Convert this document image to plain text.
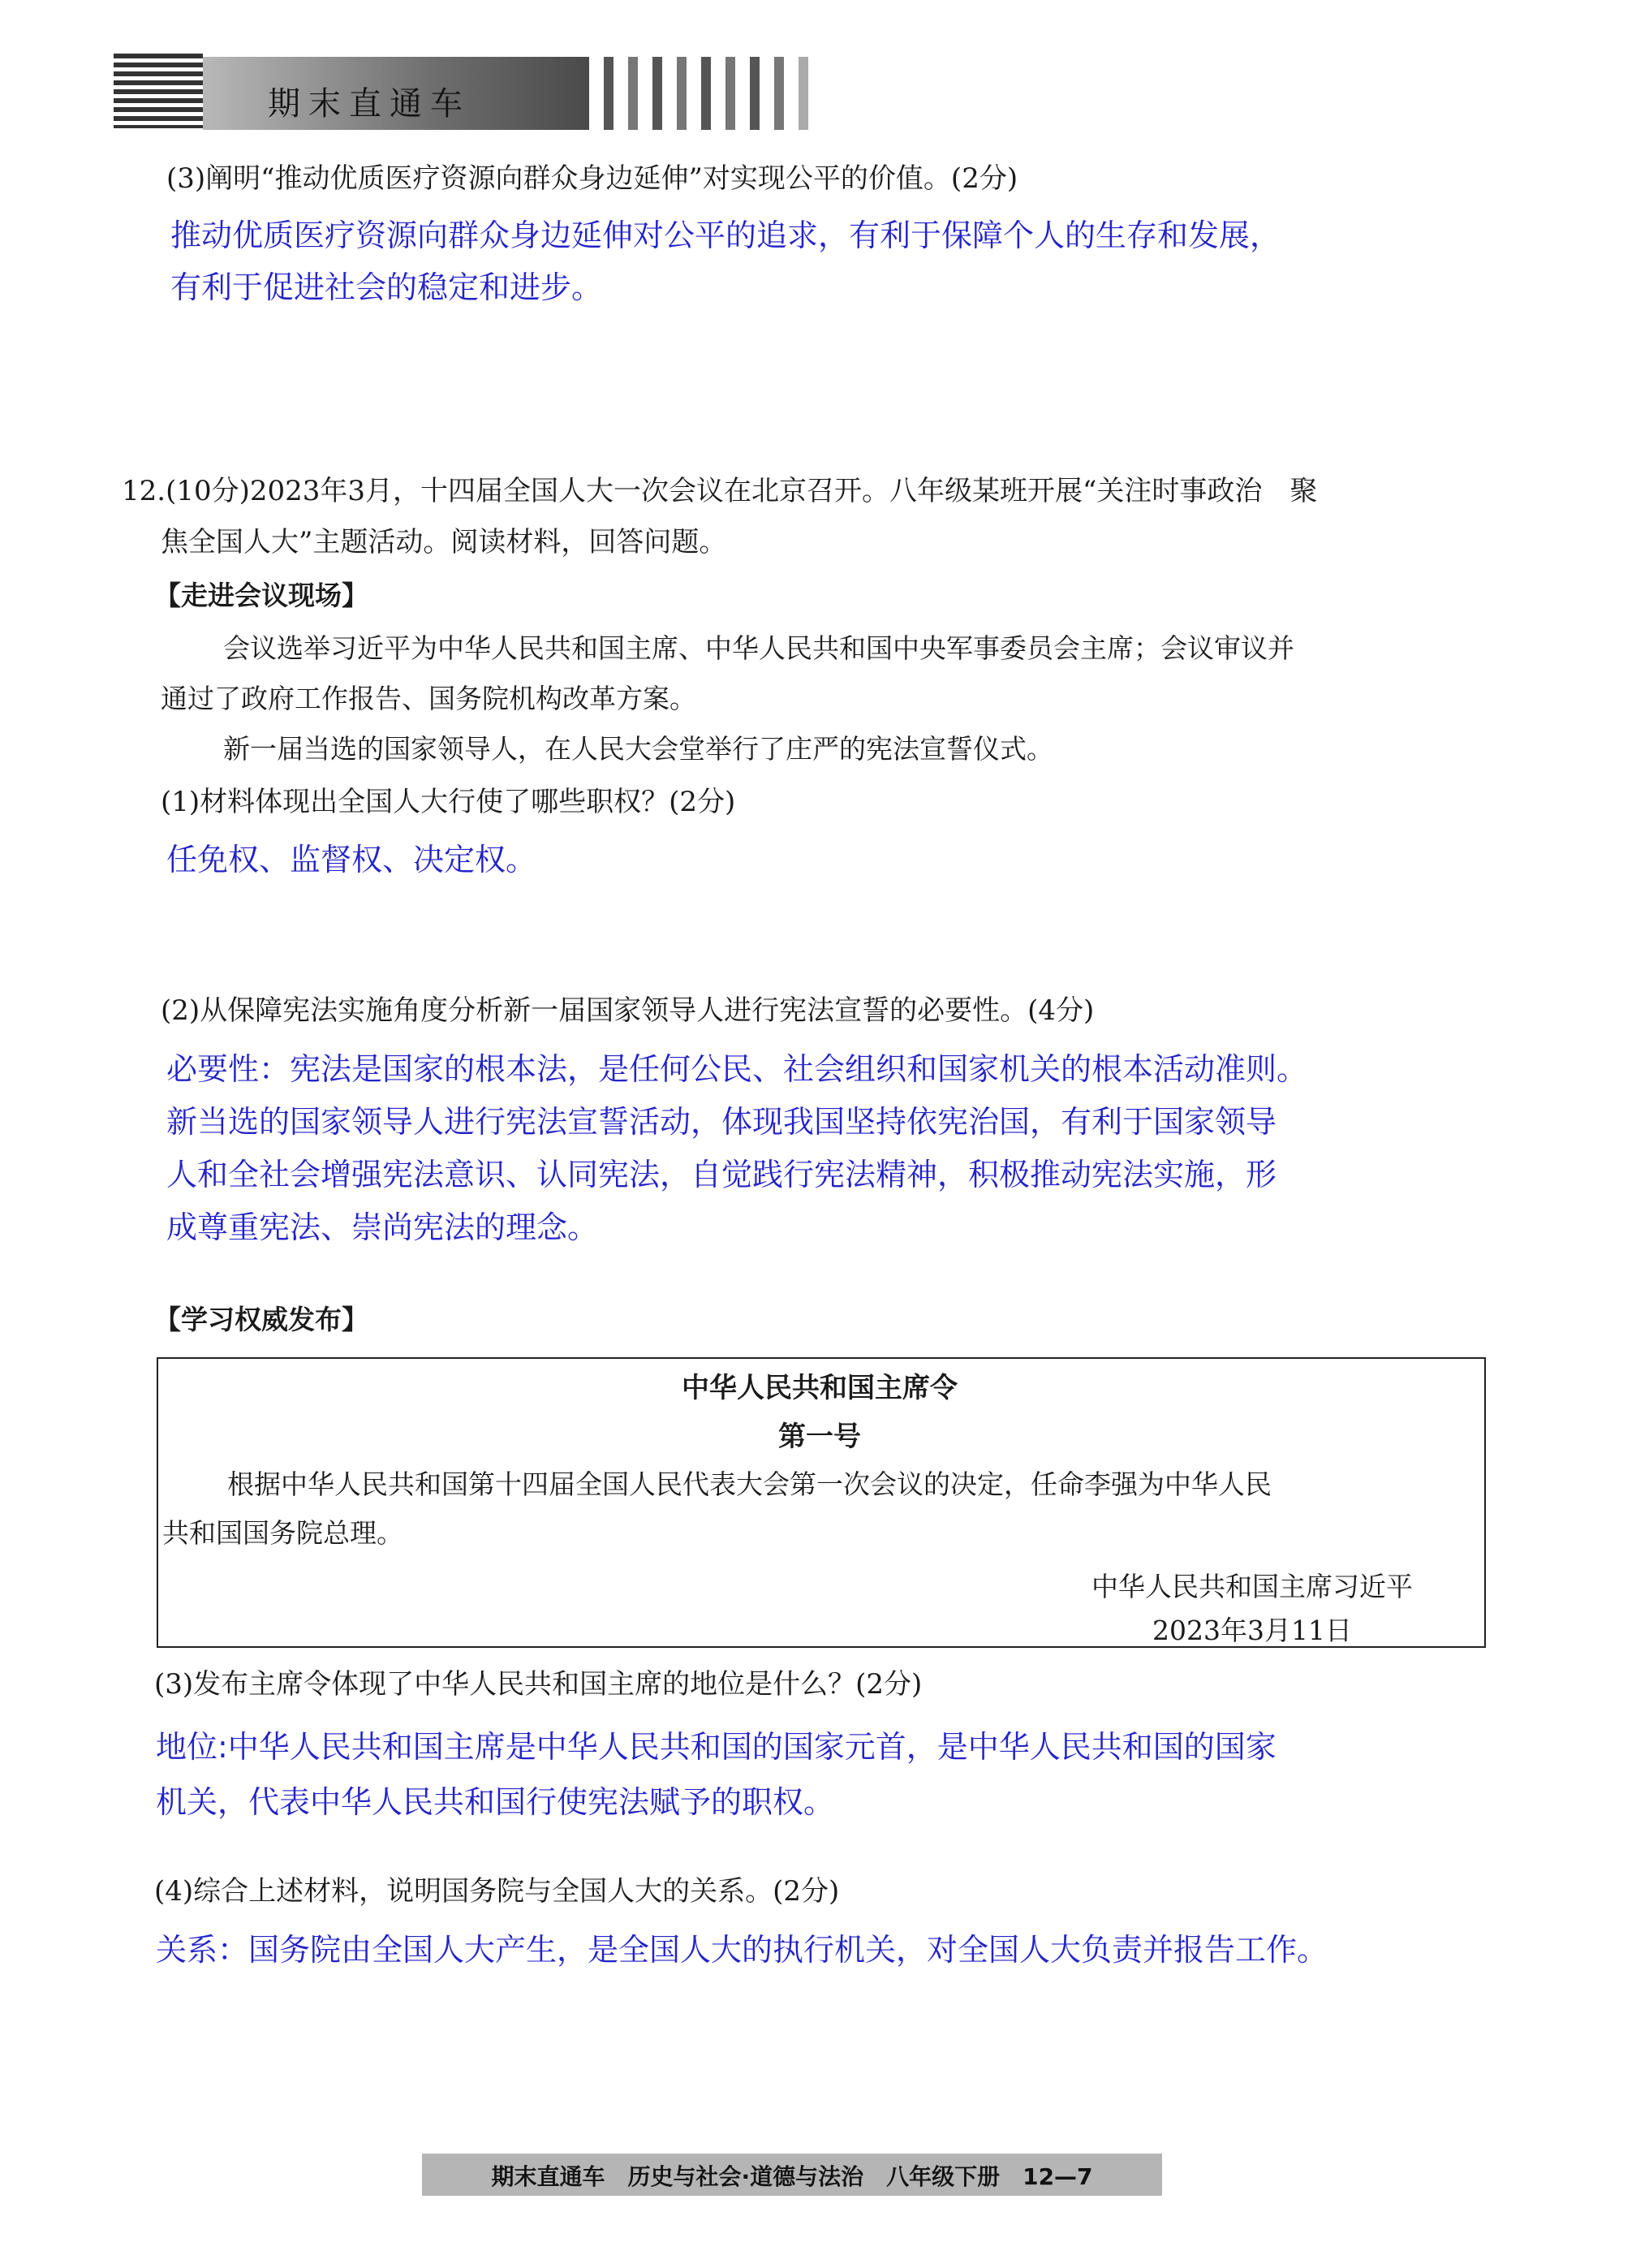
期末直通车
(3)阐明“推动优质医疗资源向群众身边延伸”对实现公平的价值。(2分)
推动优质医疗资源向群众身边延伸对公平的追求，有利于保障个人的生存和发展，
有利于促进社会的稳定和进步。
12.(10分)2023年3月，十四届全国人大一次会议在北京召开。八年级某班开展“关注时事政治　聚
焦全国人大”主题活动。阅读材料，回答问题。
【走进会议现场】
会议选举习近平为中华人民共和国主席、中华人民共和国中央军事委员会主席；会议审议并
通过了政府工作报告、国务院机构改革方案。
新一届当选的国家领导人，在人民大会堂举行了庄严的宪法宣誓仪式。
(1)材料体现出全国人大行使了哪些职权？(2分)
任免权、监督权、决定权。
(2)从保障宪法实施角度分析新一届国家领导人进行宪法宣誓的必要性。(4分)
必要性：宪法是国家的根本法，是任何公民、社会组织和国家机关的根本活动准则。
新当选的国家领导人进行宪法宣誓活动，体现我国坚持依宪治国，有利于国家领导
人和全社会增强宪法意识、认同宪法，自觉践行宪法精神，积极推动宪法实施，形
成尊重宪法、崇尚宪法的理念。
【学习权威发布】
中华人民共和国主席令
第一号
根据中华人民共和国第十四届全国人民代表大会第一次会议的决定，任命李强为中华人民
共和国国务院总理。
中华人民共和国主席习近平
2023年3月11日
(3)发布主席令体现了中华人民共和国主席的地位是什么？(2分)
地位:中华人民共和国主席是中华人民共和国的国家元首，是中华人民共和国的国家
机关，代表中华人民共和国行使宪法赋予的职权。
(4)综合上述材料，说明国务院与全国人大的关系。(2分)
关系：国务院由全国人大产生，是全国人大的执行机关，对全国人大负责并报告工作。
期末直通车　历史与社会·道德与法治　八年级下册　12—7
